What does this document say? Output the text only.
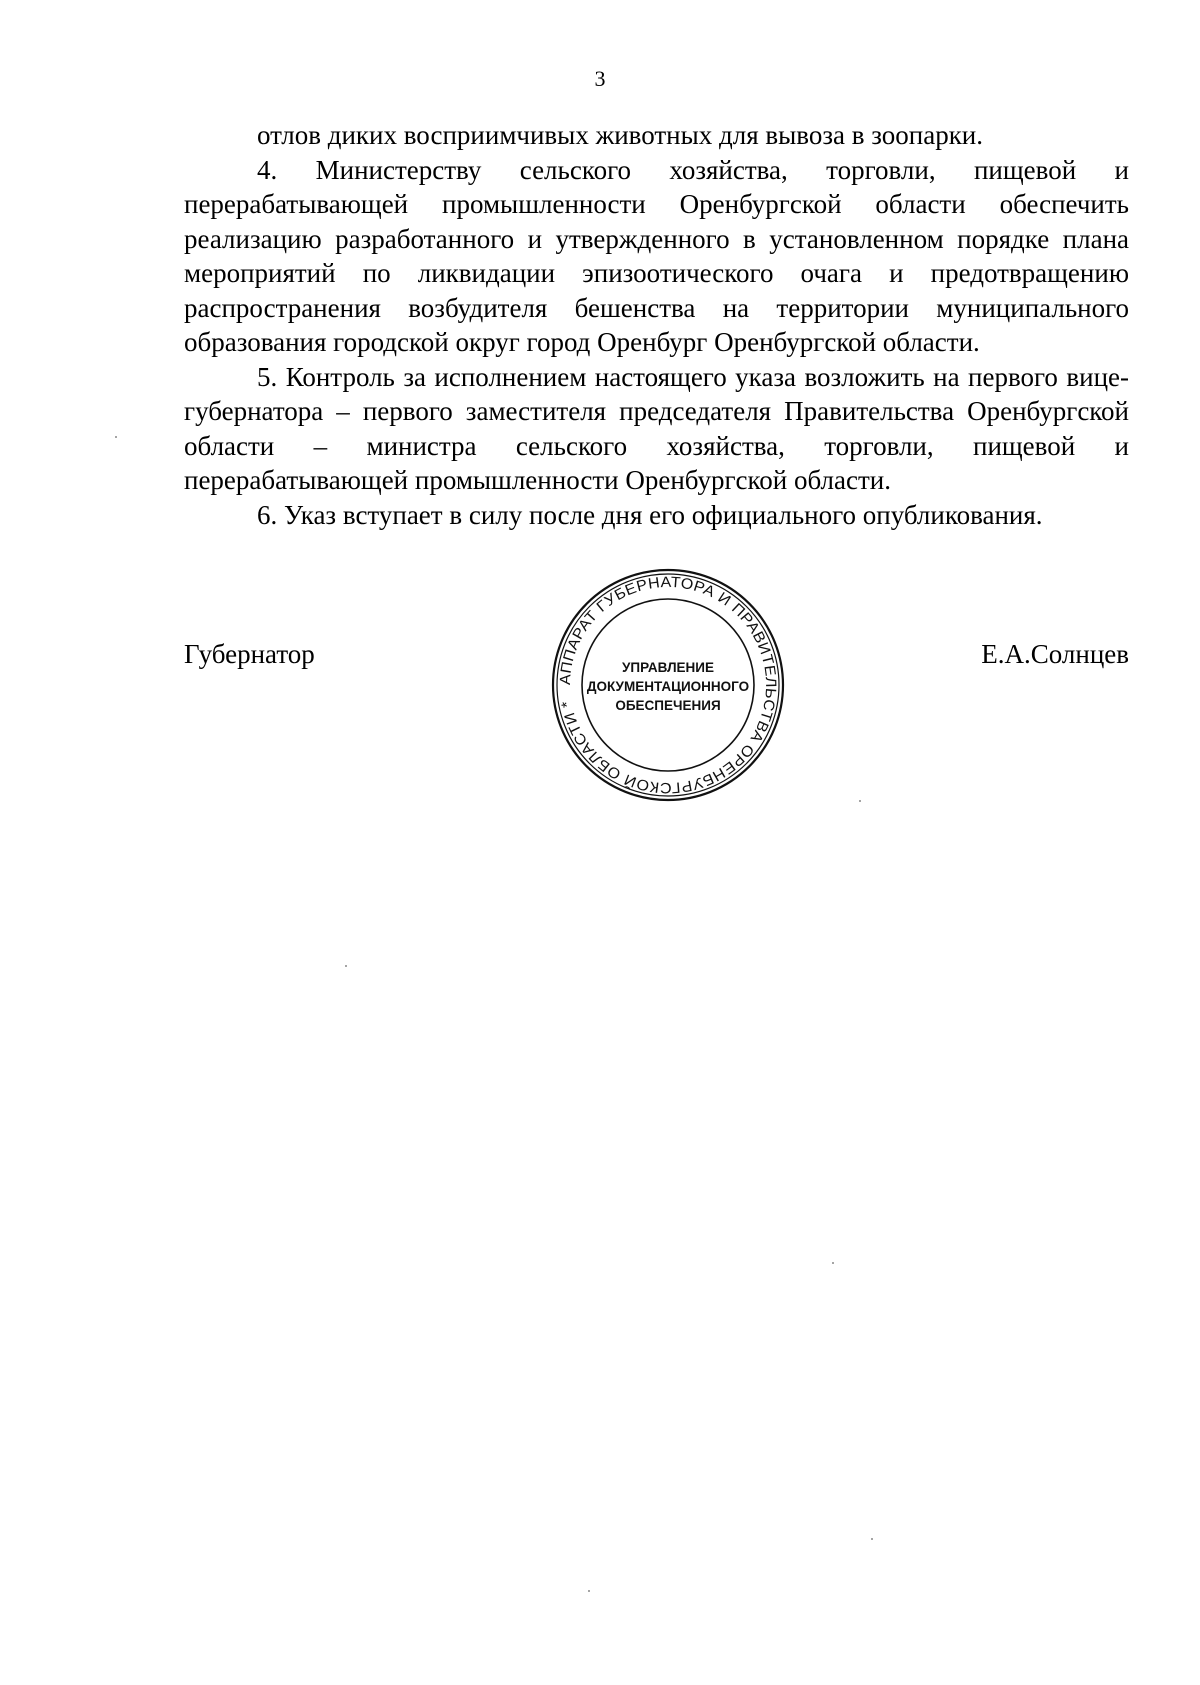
3

отлов диких восприимчивых животных для вывоза в зоопарки.

4. Министерству сельского хозяйства, торговли, пищевой и перерабатывающей промышленности Оренбургской области обеспечить реализацию разработанного и утвержденного в установленном порядке плана мероприятий по ликвидации эпизоотического очага и предотвращению распространения возбудителя бешенства на территории муниципального образования городской округ город Оренбург Оренбургской области.

5. Контроль за исполнением настоящего указа возложить на первого вице-губернатора – первого заместителя председателя Правительства Оренбургской области – министра сельского хозяйства, торговли, пищевой и перерабатывающей промышленности Оренбургской области.

6. Указ вступает в силу после дня его официального опубликования.

Губернатор	Е.А.Солнцев
АППАРАТ ГУБЕРНАТОРА И ПРАВИТЕЛЬСТВА ОРЕНБУРГСКОЙ ОБЛАСТИ *
УПРАВЛЕНИЕ
ДОКУМЕНТАЦИОННОГО
ОБЕСПЕЧЕНИЯ
